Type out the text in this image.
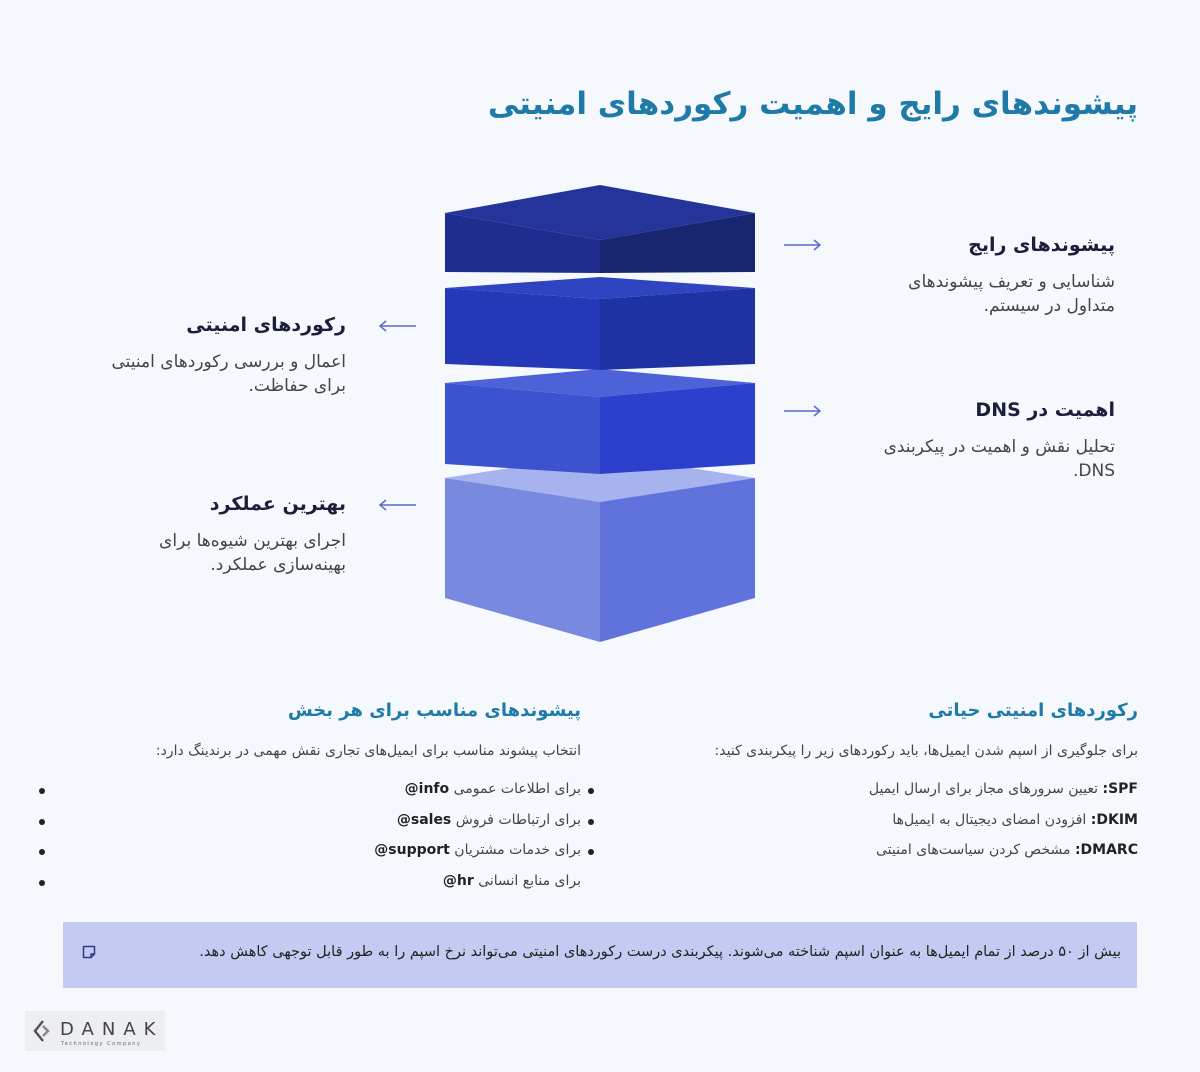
پیشوندهای رایج و اهمیت رکوردهای امنیتی
پیشوندهای رایج
شناسایی و تعریف پیشوندهای متداول در سیستم.
رکوردهای امنیتی
اعمال و بررسی رکوردهای امنیتی برای حفاظت.
اهمیت در DNS
تحلیل نقش و اهمیت در پیکربندی DNS.
بهترین عملکرد
اجرای بهترین شیوه‌ها برای بهینه‌سازی عملکرد.
رکوردهای امنیتی حیاتی
برای جلوگیری از اسپم شدن ایمیل‌ها، باید رکوردهای زیر را پیکربندی کنید:
SPF: تعیین سرورهای مجاز برای ارسال ایمیل
DKIM: افزودن امضای دیجیتال به ایمیل‌ها
DMARC: مشخص کردن سیاست‌های امنیتی
پیشوندهای مناسب برای هر بخش
انتخاب پیشوند مناسب برای ایمیل‌های تجاری نقش مهمی در برندینگ دارد:
برای اطلاعات عمومی info@
برای ارتباطات فروش sales@
برای خدمات مشتریان support@
برای منابع انسانی hr@
بیش از ۵۰ درصد از تمام ایمیل‌ها به عنوان اسپم شناخته می‌شوند. پیکربندی درست رکوردهای امنیتی می‌تواند نرخ اسپم را به طور قابل توجهی کاهش دهد.
DANAK
Technology Company
